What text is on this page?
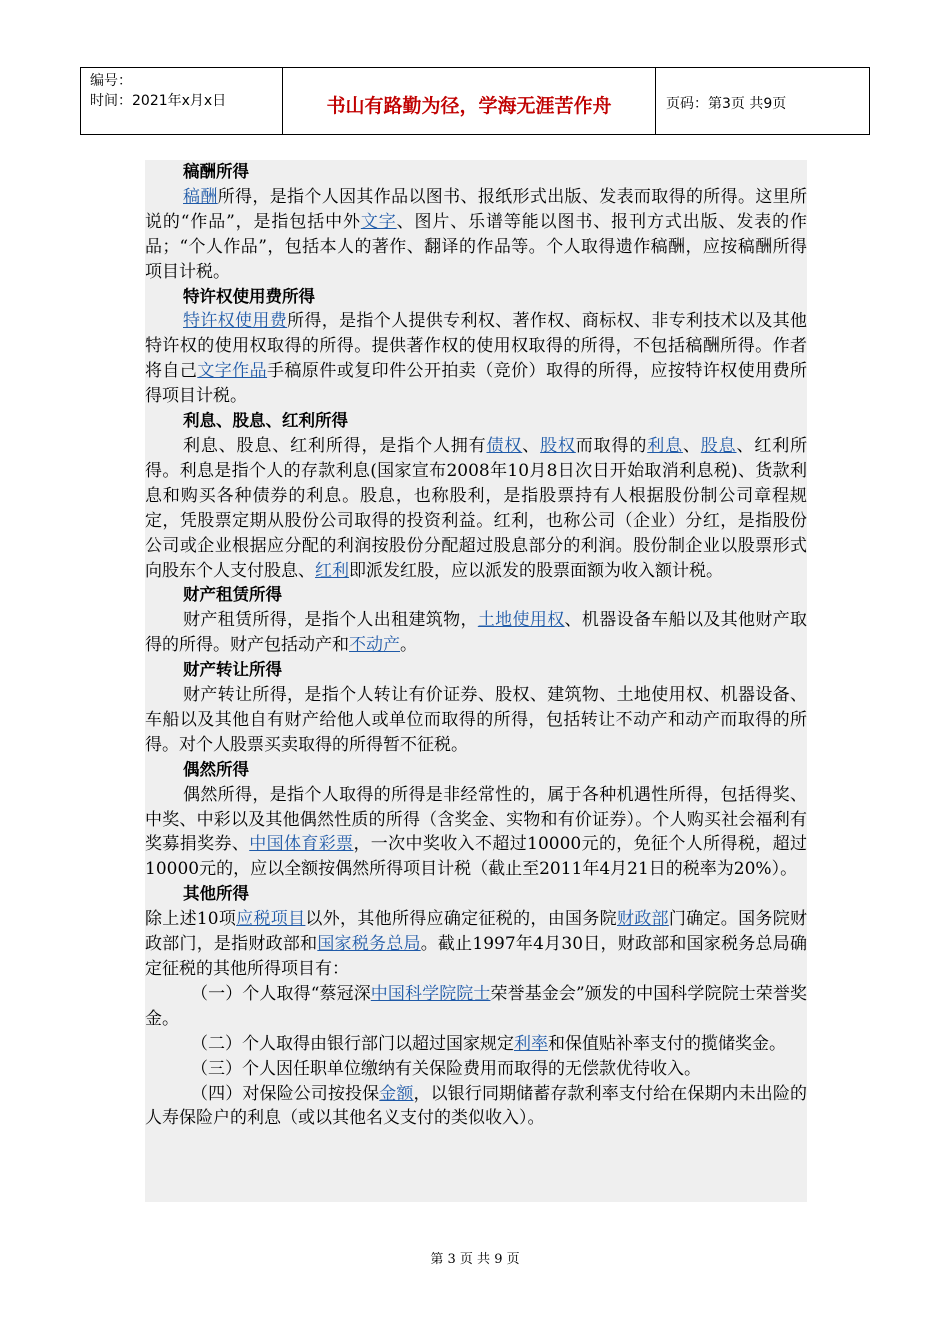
编号：
时间：2021年x月x日	书山有路勤为径，学海无涯苦作舟	页码：第3页 共9页

稿酬所得

稿酬所得，是指个人因其作品以图书、报纸形式出版、发表而取得的所得。这里所说的“作品”，是指包括中外文字、图片、乐谱等能以图书、报刊方式出版、发表的作品；“个人作品”，包括本人的著作、翻译的作品等。个人取得遗作稿酬，应按稿酬所得项目计税。

特许权使用费所得

特许权使用费所得，是指个人提供专利权、著作权、商标权、非专利技术以及其他特许权的使用权取得的所得。提供著作权的使用权取得的所得，不包括稿酬所得。作者将自己文字作品手稿原件或复印件公开拍卖（竞价）取得的所得，应按特许权使用费所得项目计税。

利息、股息、红利所得

利息、股息、红利所得，是指个人拥有债权、股权而取得的利息、股息、红利所得。利息是指个人的存款利息(国家宣布2008年10月8日次日开始取消利息税)、货款利息和购买各种债券的利息。股息，也称股利，是指股票持有人根据股份制公司章程规定，凭股票定期从股份公司取得的投资利益。红利，也称公司（企业）分红，是指股份公司或企业根据应分配的利润按股份分配超过股息部分的利润。股份制企业以股票形式向股东个人支付股息、红利即派发红股，应以派发的股票面额为收入额计税。

财产租赁所得

财产租赁所得，是指个人出租建筑物，土地使用权、机器设备车船以及其他财产取得的所得。财产包括动产和不动产。

财产转让所得

财产转让所得，是指个人转让有价证券、股权、建筑物、土地使用权、机器设备、车船以及其他自有财产给他人或单位而取得的所得，包括转让不动产和动产而取得的所得。对个人股票买卖取得的所得暂不征税。

偶然所得

偶然所得，是指个人取得的所得是非经常性的，属于各种机遇性所得，包括得奖、中奖、中彩以及其他偶然性质的所得（含奖金、实物和有价证券）。个人购买社会福利有奖募捐奖券、中国体育彩票，一次中奖收入不超过10000元的，免征个人所得税，超过10000元的，应以全额按偶然所得项目计税（截止至2011年4月21日的税率为20%）。

其他所得

除上述10项应税项目以外，其他所得应确定征税的，由国务院财政部门确定。国务院财政部门，是指财政部和国家税务总局。截止1997年4月30日，财政部和国家税务总局确定征税的其他所得项目有：

（一）个人取得“蔡冠深中国科学院院士荣誉基金会”颁发的中国科学院院士荣誉奖金。

（二）个人取得由银行部门以超过国家规定利率和保值贴补率支付的揽储奖金。

（三）个人因任职单位缴纳有关保险费用而取得的无偿款优待收入。

（四）对保险公司按投保金额，以银行同期储蓄存款利率支付给在保期内未出险的人寿保险户的利息（或以其他名义支付的类似收入）。

第 3 页 共 9 页
